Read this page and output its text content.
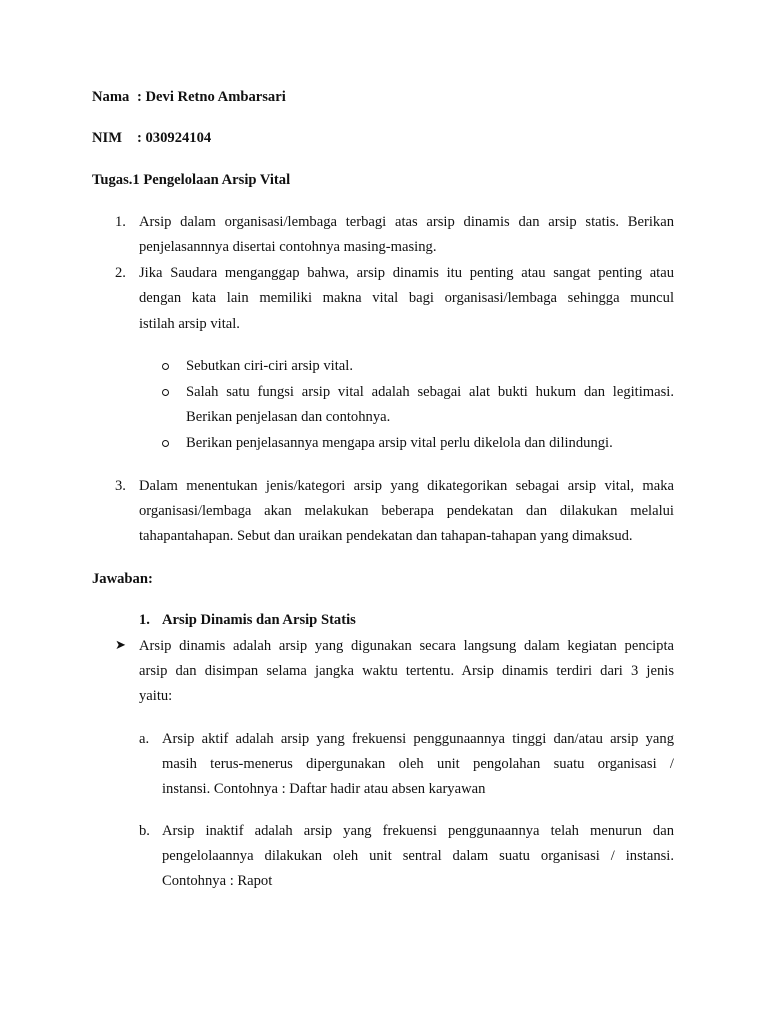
Nama : Devi Retno Ambarsari
NIM : 030924104
Tugas.1 Pengelolaan Arsip Vital
1. Arsip dalam organisasi/lembaga terbagi atas arsip dinamis dan arsip statis. Berikan
penjelasannnya disertai contohnya masing-masing.
2. Jika Saudara menganggap bahwa, arsip dinamis itu penting atau sangat penting atau
dengan kata lain memiliki makna vital bagi organisasi/lembaga sehingga muncul
istilah arsip vital.
Sebutkan ciri-ciri arsip vital.
Salah satu fungsi arsip vital adalah sebagai alat bukti hukum dan legitimasi.
Berikan penjelasan dan contohnya.
Berikan penjelasannya mengapa arsip vital perlu dikelola dan dilindungi.
3. Dalam menentukan jenis/kategori arsip yang dikategorikan sebagai arsip vital, maka
organisasi/lembaga akan melakukan beberapa pendekatan dan dilakukan melalui
tahapantahapan. Sebut dan uraikan pendekatan dan tahapan-tahapan yang dimaksud.
Jawaban:
1. Arsip Dinamis dan Arsip Statis
➤ Arsip dinamis adalah arsip yang digunakan secara langsung dalam kegiatan pencipta
arsip dan disimpan selama jangka waktu tertentu. Arsip dinamis terdiri dari 3 jenis
yaitu:
a. Arsip aktif adalah arsip yang frekuensi penggunaannya tinggi dan/atau arsip yang
masih terus-menerus dipergunakan oleh unit pengolahan suatu organisasi /
instansi. Contohnya : Daftar hadir atau absen karyawan
b. Arsip inaktif adalah arsip yang frekuensi penggunaannya telah menurun dan
pengelolaannya dilakukan oleh unit sentral dalam suatu organisasi / instansi.
Contohnya : Rapot
